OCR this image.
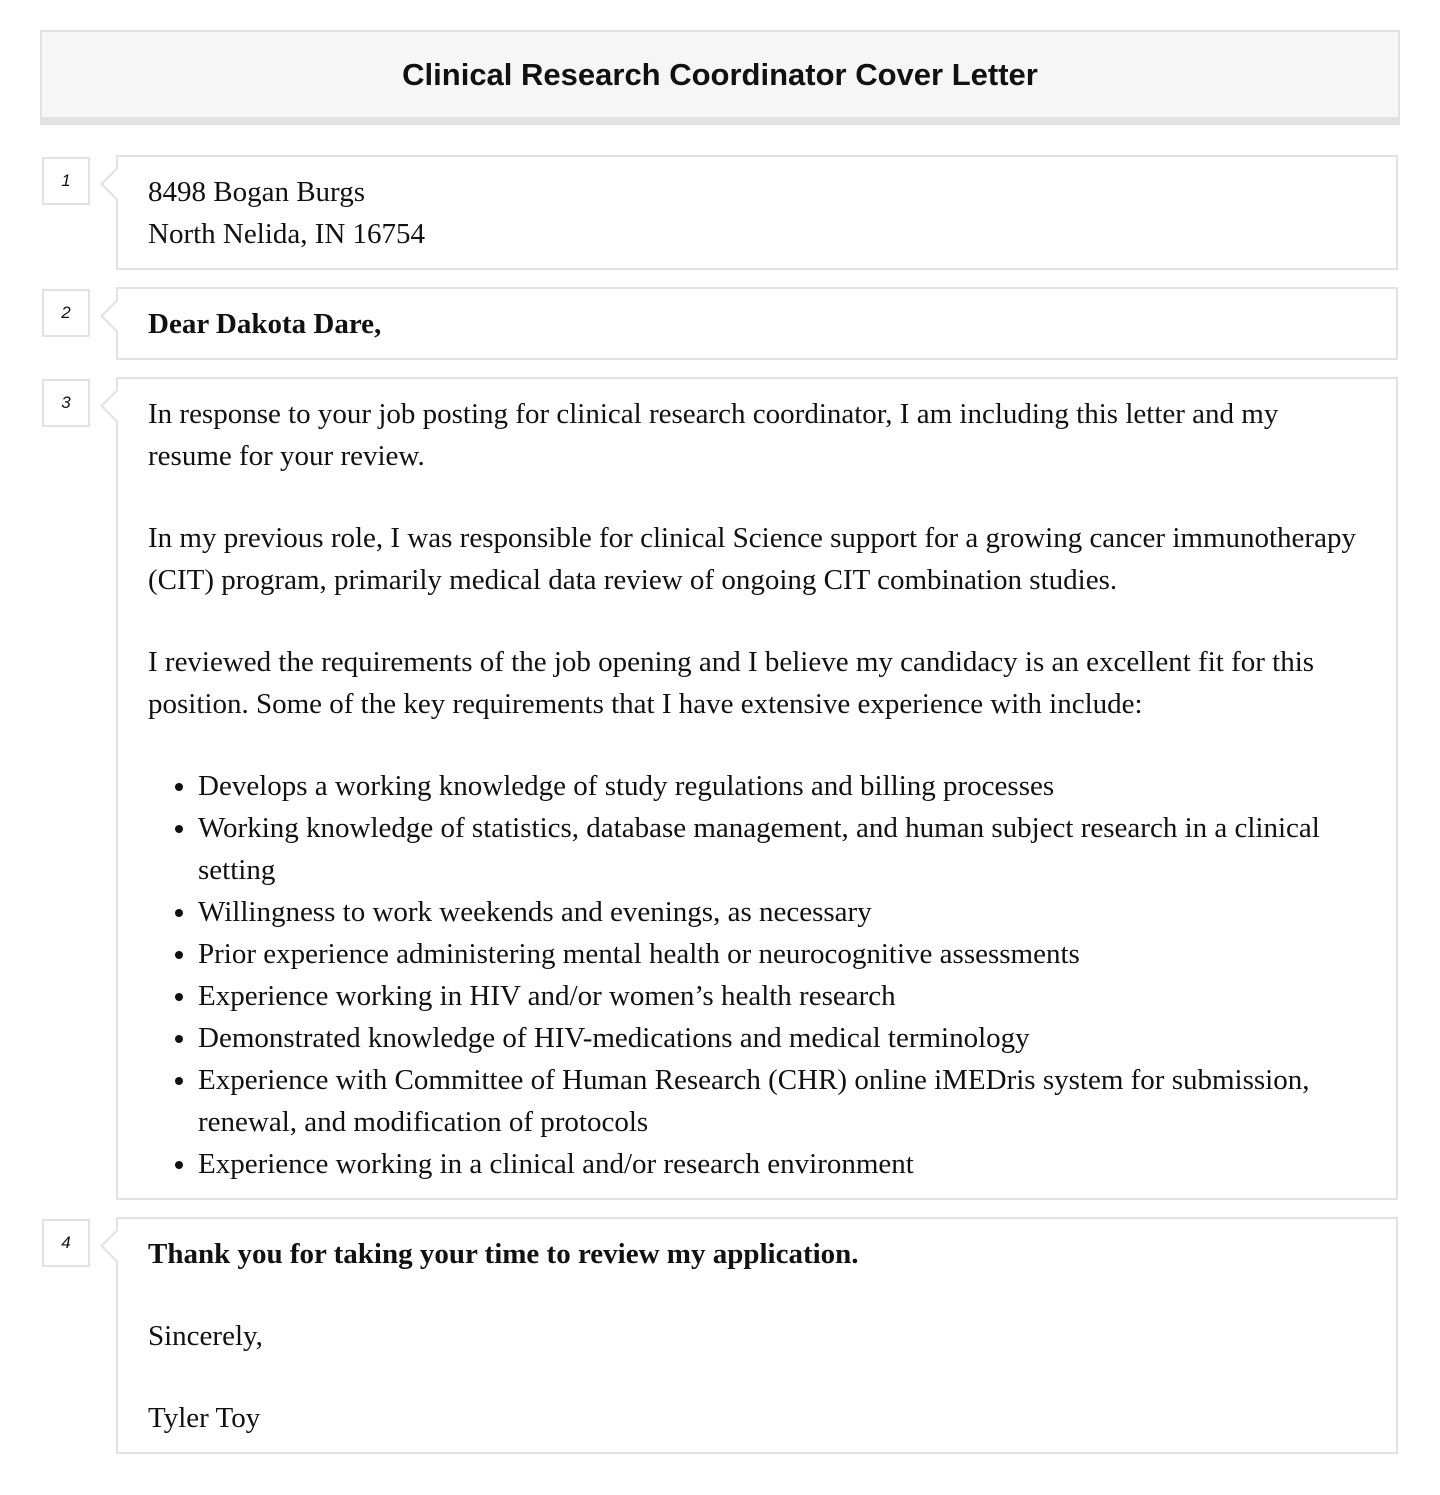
Clinical Research Coordinator Cover Letter
1	8498 Bogan Burgs
North Nelida, IN 16754
2	Dear Dakota Dare,
3	In response to your job posting for clinical research coordinator, I am including this letter and my resume for your review.

In my previous role, I was responsible for clinical Science support for a growing cancer immunotherapy (CIT) program, primarily medical data review of ongoing CIT combination studies.

I reviewed the requirements of the job opening and I believe my candidacy is an excellent fit for this position. Some of the key requirements that I have extensive experience with include:

• Develops a working knowledge of study regulations and billing processes
• Working knowledge of statistics, database management, and human subject research in a clinical setting
• Willingness to work weekends and evenings, as necessary
• Prior experience administering mental health or neurocognitive assessments
• Experience working in HIV and/or women’s health research
• Demonstrated knowledge of HIV-medications and medical terminology
• Experience with Committee of Human Research (CHR) online iMEDris system for submission, renewal, and modification of protocols
• Experience working in a clinical and/or research environment
4	Thank you for taking your time to review my application.

Sincerely,

Tyler Toy
